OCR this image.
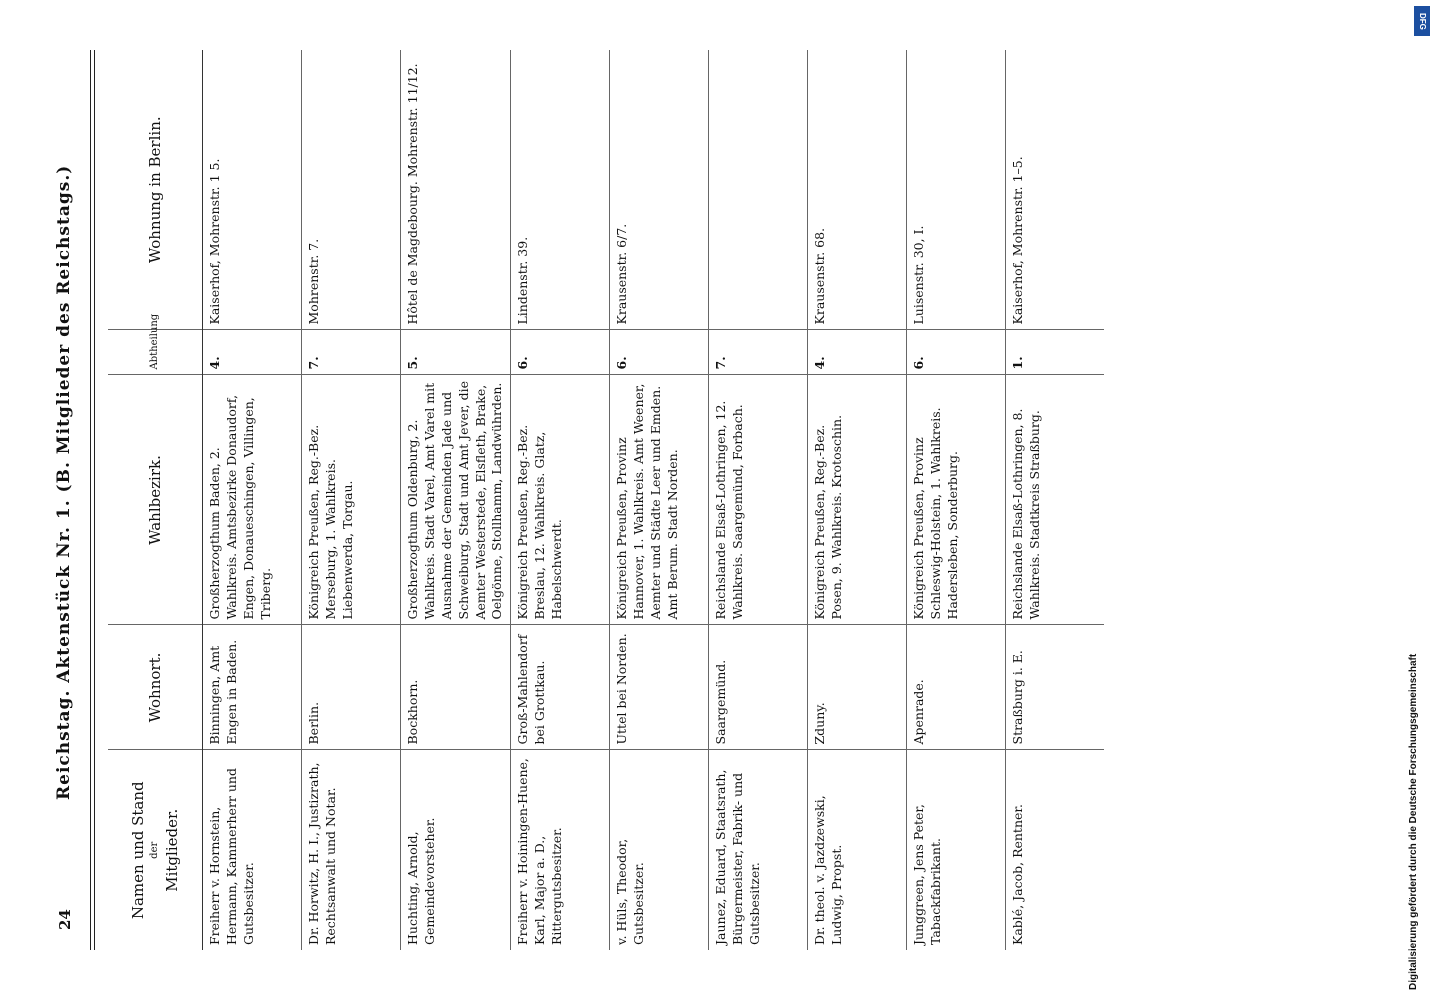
24
Reichstag. Aktenstück Nr. 1. (B. Mitglieder des Reichstags.)
Namen und Stand der Mitglieder.	Wohnort.	Wahlbezirk.	Abtheilung	Wohnung in Berlin.
Freiherr v. Hornstein, Hermann, Kammerherr und Gutsbesitzer.	Binningen, Amt Engen in Baden.	Großherzogthum Baden, 2. Wahlkreis. Amtsbezirke Donaudorf, Engen, Donaueschingen, Villingen, Triberg.	4.	Kaiserhof, Mohrenstr. 1 5.
Dr. Horwitz, H. I., Justizrath, Rechtsanwalt und Notar.	Berlin.	Königreich Preußen, Reg.-Bez. Merseburg, 1. Wahlkreis. Liebenwerda, Torgau.	7.	Mohrenstr. 7.
Huchting, Arnold, Gemeindevorsteher.	Bockhorn.	Großherzogthum Oldenburg, 2. Wahlkreis. Stadt Varel, Amt Varel mit Ausnahme der Gemeinden Jade und Schweiburg, Stadt und Amt Jever, die Aemter Westerstede, Elsfleth, Brake, Oelgönne, Stollhamm, Landwührden.	5.	Hôtel de Magdebourg. Mohrenstr. 11/12.
Freiherr v. Hoiningen-Huene, Karl, Major a. D., Rittergutsbesitzer.	Groß-Mahlendorf bei Grottkau.	Königreich Preußen, Reg.-Bez. Breslau, 12. Wahlkreis. Glatz, Habelschwerdt.	6.	Lindenstr. 39.
v. Hüls, Theodor, Gutsbesitzer.	Uttel bei Norden.	Königreich Preußen, Provinz Hannover, 1. Wahlkreis. Amt Weener, Aemter und Städte Leer und Emden. Amt Berum. Stadt Norden.	6.	Krausenstr. 6/7.
Jaunez, Eduard, Staatsrath, Bürgermeister, Fabrik- und Gutsbesitzer.	Saargemünd.	Reichslande Elsaß-Lothringen, 12. Wahlkreis. Saargemünd, Forbach.	7.	
Dr. theol. v. Jazdzewski, Ludwig, Propst.	Zduny.	Königreich Preußen, Reg.-Bez. Posen, 9. Wahlkreis. Krotoschin.	4.	Krausenstr. 68.
Junggreen, Jens Peter, Tabackfabrikant.	Apenrade.	Königreich Preußen, Provinz Schleswig-Holstein, 1. Wahlkreis. Hadersleben, Sonderburg.	6.	Luisenstr. 30, I.
Kablé, Jacob, Rentner.	Straßburg i. E.	Reichslande Elsaß-Lothringen, 8. Wahlkreis. Stadtkreis Straßburg.	1.	Kaiserhof, Mohrenstr. 1–5.
DFG
Digitalisierung gefördert durch die Deutsche Forschungsgemeinschaft
